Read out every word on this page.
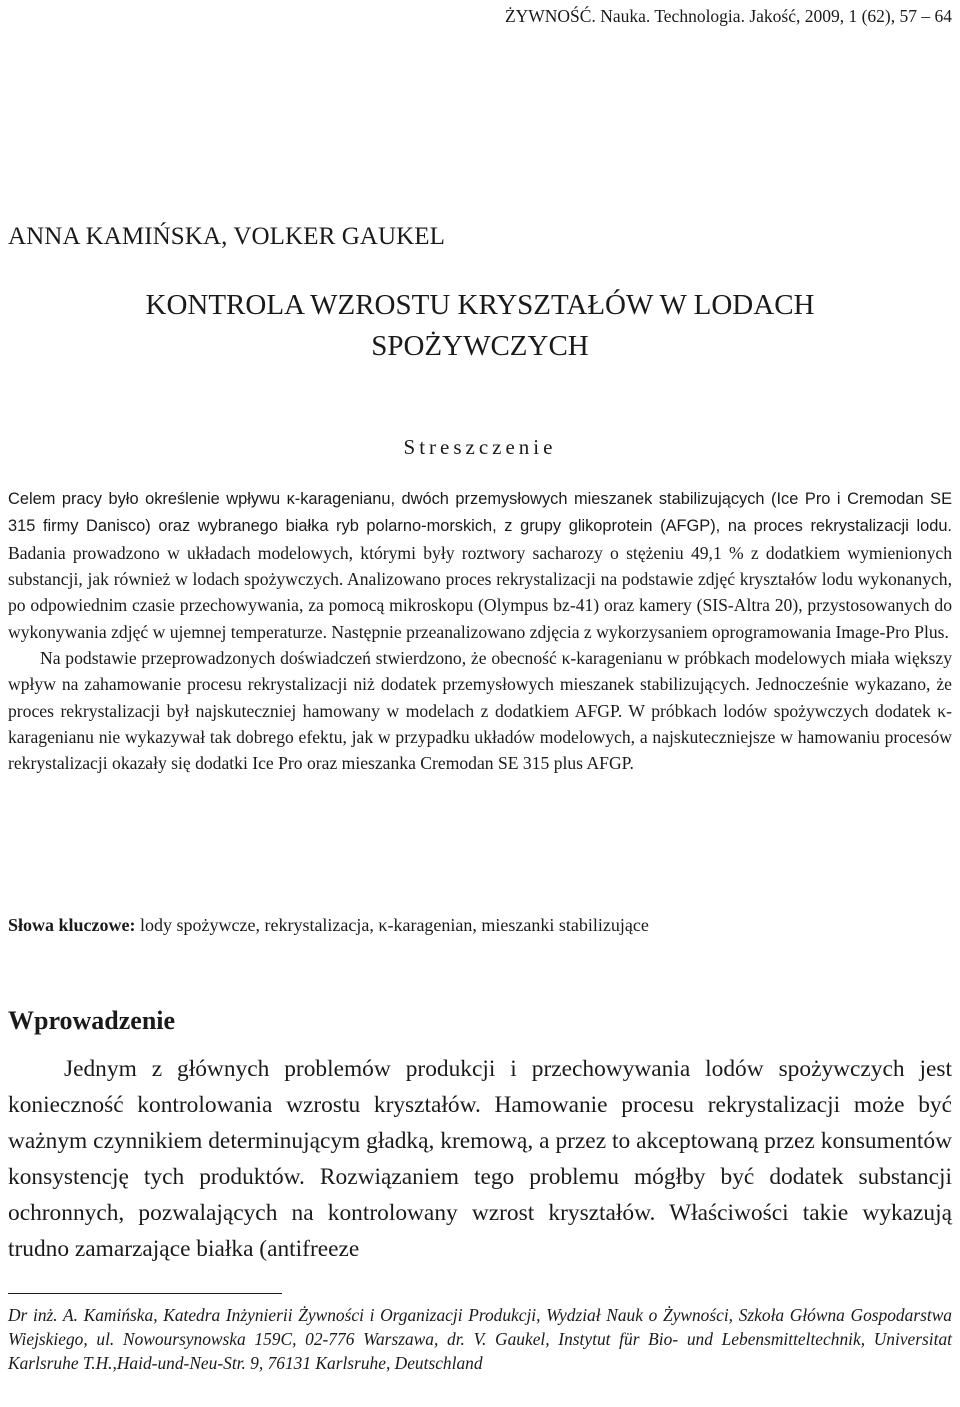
ŻYWNOŚĆ. Nauka. Technologia. Jakość, 2009, 1 (62), 57 – 64
ANNA KAMIŃSKA, VOLKER GAUKEL
KONTROLA WZROSTU KRYSZTAŁÓW W LODACH
SPOŻYWCZYCH
Streszczenie

Celem pracy było określenie wpływu κ-karagenianu, dwóch przemysłowych mieszanek stabilizujących (Ice Pro i Cremodan SE 315 firmy Danisco) oraz wybranego białka ryb polarno-morskich, z grupy glikoprotein (AFGP), na proces rekrystalizacji lodu. Badania prowadzono w układach modelowych, którymi były roztwory sacharozy o stężeniu 49,1 % z dodatkiem wymienionych substancji, jak również w lodach spożywczych. Analizowano proces rekrystalizacji na podstawie zdjęć kryształów lodu wykonanych, po odpowiednim czasie przechowywania, za pomocą mikroskopu (Olympus bz-41) oraz kamery (SIS-Altra 20), przystosowanych do wykonywania zdjęć w ujemnej temperaturze. Następnie przeanalizowano zdjęcia z wykorzysaniem oprogramowania Image-Pro Plus.

Na podstawie przeprowadzonych doświadczeń stwierdzono, że obecność κ-karagenianu w próbkach modelowych miała większy wpływ na zahamowanie procesu rekrystalizacji niż dodatek przemysłowych mieszanek stabilizujących. Jednocześnie wykazano, że proces rekrystalizacji był najskuteczniej hamowany w modelach z dodatkiem AFGP. W próbkach lodów spożywczych dodatek κ-karagenianu nie wykazywał tak dobrego efektu, jak w przypadku układów modelowych, a najskuteczniejsze w hamowaniu procesów rekrystalizacji okazały się dodatki Ice Pro oraz mieszanka Cremodan SE 315 plus AFGP.

Słowa kluczowe: lody spożywcze, rekrystalizacja, κ-karagenian, mieszanki stabilizujące
Wprowadzenie

Jednym z głównych problemów produkcji i przechowywania lodów spożywczych jest konieczność kontrolowania wzrostu kryształów. Hamowanie procesu rekrystalizacji może być ważnym czynnikiem determinującym gładką, kremową, a przez to akceptowaną przez konsumentów konsystencję tych produktów. Rozwiązaniem tego problemu mógłby być dodatek substancji ochronnych, pozwalających na kontrolowany wzrost kryształów. Właściwości takie wykazują trudno zamarzające białka (antifreeze

Dr inż. A. Kamińska, Katedra Inżynierii Żywności i Organizacji Produkcji, Wydział Nauk o Żywności, Szkoła Główna Gospodarstwa Wiejskiego, ul. Nowoursynowska 159C, 02-776 Warszawa, dr. V. Gaukel, Instytut für Bio- und Lebensmitteltechnik, Universitat Karlsruhe T.H.,Haid-und-Neu-Str. 9, 76131 Karlsruhe, Deutschland
